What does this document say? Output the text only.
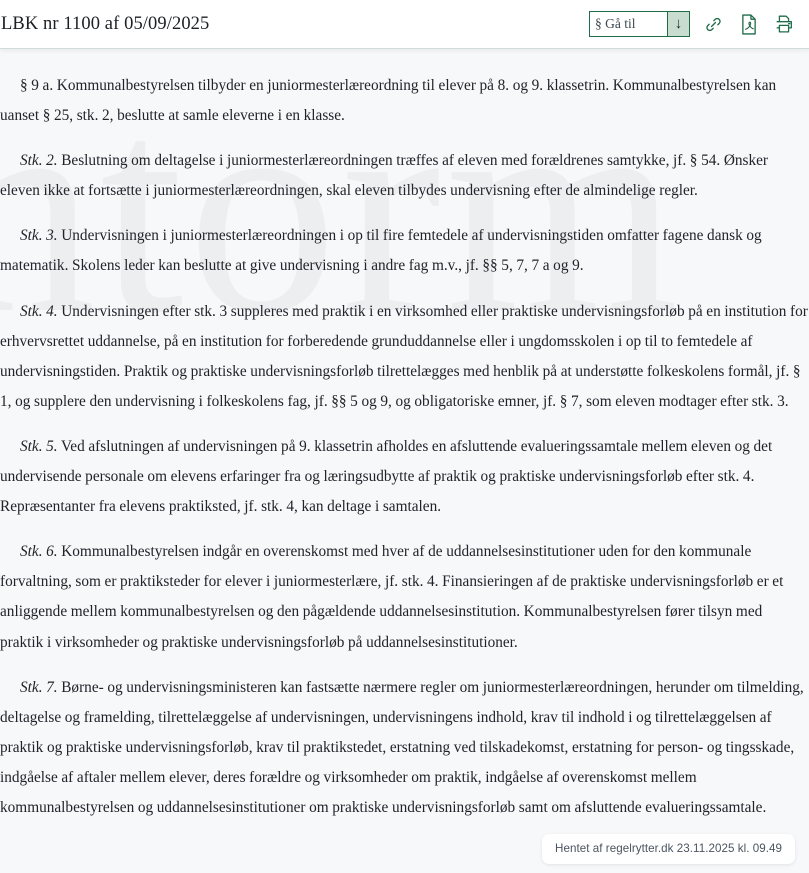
LBK nr 1100 af 05/09/2025
§ Gå til	↓

§ 9 a. Kommunalbestyrelsen tilbyder en juniormesterlæreordning til elever på 8. og 9. klassetrin. Kommunalbestyrelsen kan uanset § 25, stk. 2, beslutte at samle eleverne i en klasse.

Stk. 2. Beslutning om deltagelse i juniormesterlæreordningen træffes af eleven med forældrenes samtykke, jf. § 54. Ønsker eleven ikke at fortsætte i juniormesterlæreordningen, skal eleven tilbydes undervisning efter de almindelige regler.

Stk. 3. Undervisningen i juniormesterlæreordningen i op til fire femtedele af undervisningstiden omfatter fagene dansk og matematik. Skolens leder kan beslutte at give undervisning i andre fag m.v., jf. §§ 5, 7, 7 a og 9.

Stk. 4. Undervisningen efter stk. 3 suppleres med praktik i en virksomhed eller praktiske undervisningsforløb på en institution for erhvervsrettet uddannelse, på en institution for forberedende grunduddannelse eller i ungdomsskolen i op til to femtedele af undervisningstiden. Praktik og praktiske undervisningsforløb tilrettelægges med henblik på at understøtte folkeskolens formål, jf. § 1, og supplere den undervisning i folkeskolens fag, jf. §§ 5 og 9, og obligatoriske emner, jf. § 7, som eleven modtager efter stk. 3.

Stk. 5. Ved afslutningen af undervisningen på 9. klassetrin afholdes en afsluttende evalueringssamtale mellem eleven og det undervisende personale om elevens erfaringer fra og læringsudbytte af praktik og praktiske undervisningsforløb efter stk. 4. Repræsentanter fra elevens praktiksted, jf. stk. 4, kan deltage i samtalen.

Stk. 6. Kommunalbestyrelsen indgår en overenskomst med hver af de uddannelsesinstitutioner uden for den kommunale forvaltning, som er praktiksteder for elever i juniormesterlære, jf. stk. 4. Finansieringen af de praktiske undervisningsforløb er et anliggende mellem kommunalbestyrelsen og den pågældende uddannelsesinstitution. Kommunalbestyrelsen fører tilsyn med praktik i virksomheder og praktiske undervisningsforløb på uddannelsesinstitutioner.

Stk. 7. Børne- og undervisningsministeren kan fastsætte nærmere regler om juniormesterlæreordningen, herunder om tilmelding, deltagelse og framelding, tilrettelæggelse af undervisningen, undervisningens indhold, krav til indhold i og tilrettelæggelsen af praktik og praktiske undervisningsforløb, krav til praktikstedet, erstatning ved tilskadekomst, erstatning for person- og tingsskade, indgåelse af aftaler mellem elever, deres forældre og virksomheder om praktik, indgåelse af overenskomst mellem kommunalbestyrelsen og uddannelsesinstitutioner om praktiske undervisningsforløb samt om afsluttende evalueringssamtale.

Hentet af regelrytter.dk 23.11.2025 kl. 09.49
